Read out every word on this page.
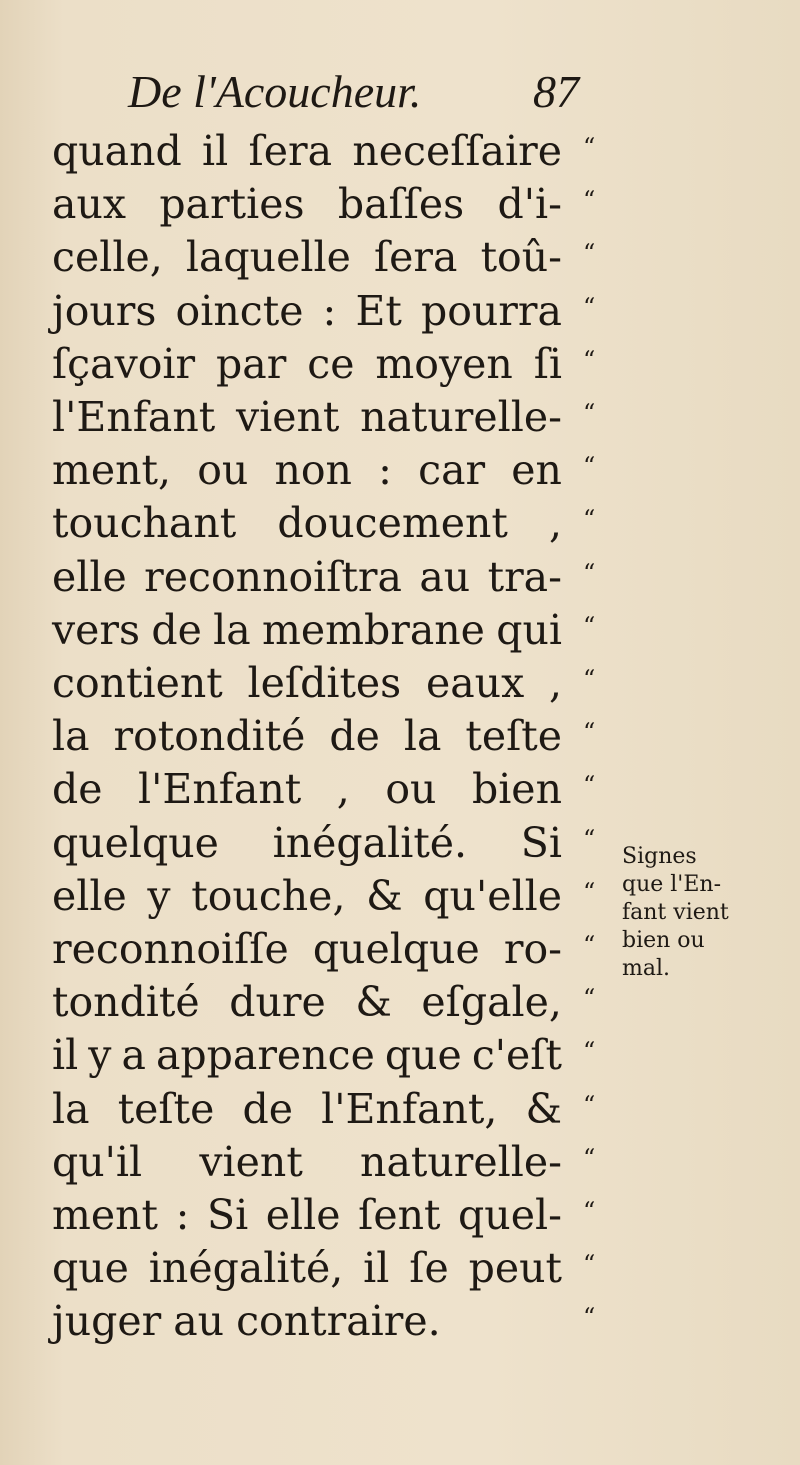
De l'Acoucheur. 87
quand il ſera neceſſaire “
aux parties baſſes d'i- “
celle, laquelle ſera toû- “
jours oincte : Et pourra “
ſçavoir par ce moyen ſi “
l'Enfant vient naturelle- “
ment, ou non : car en “
touchant doucement , “
elle reconnoiſtra au tra- “
vers de la membrane qui “
contient leſdites eaux , “
la rotondité de la teſte “
de l'Enfant , ou bien “
quelque inégalité. Si “
elle y touche, & qu'elle “
reconnoiſſe quelque ro- “
tondité dure & eſgale, “
il y a apparence que c'eſt “
la teſte de l'Enfant, & “
qu'il vient naturelle- “
ment : Si elle ſent quel- “
que inégalité, il ſe peut “
juger au contraire.	“
Signes
que l'En-
fant vient
bien ou
mal.
